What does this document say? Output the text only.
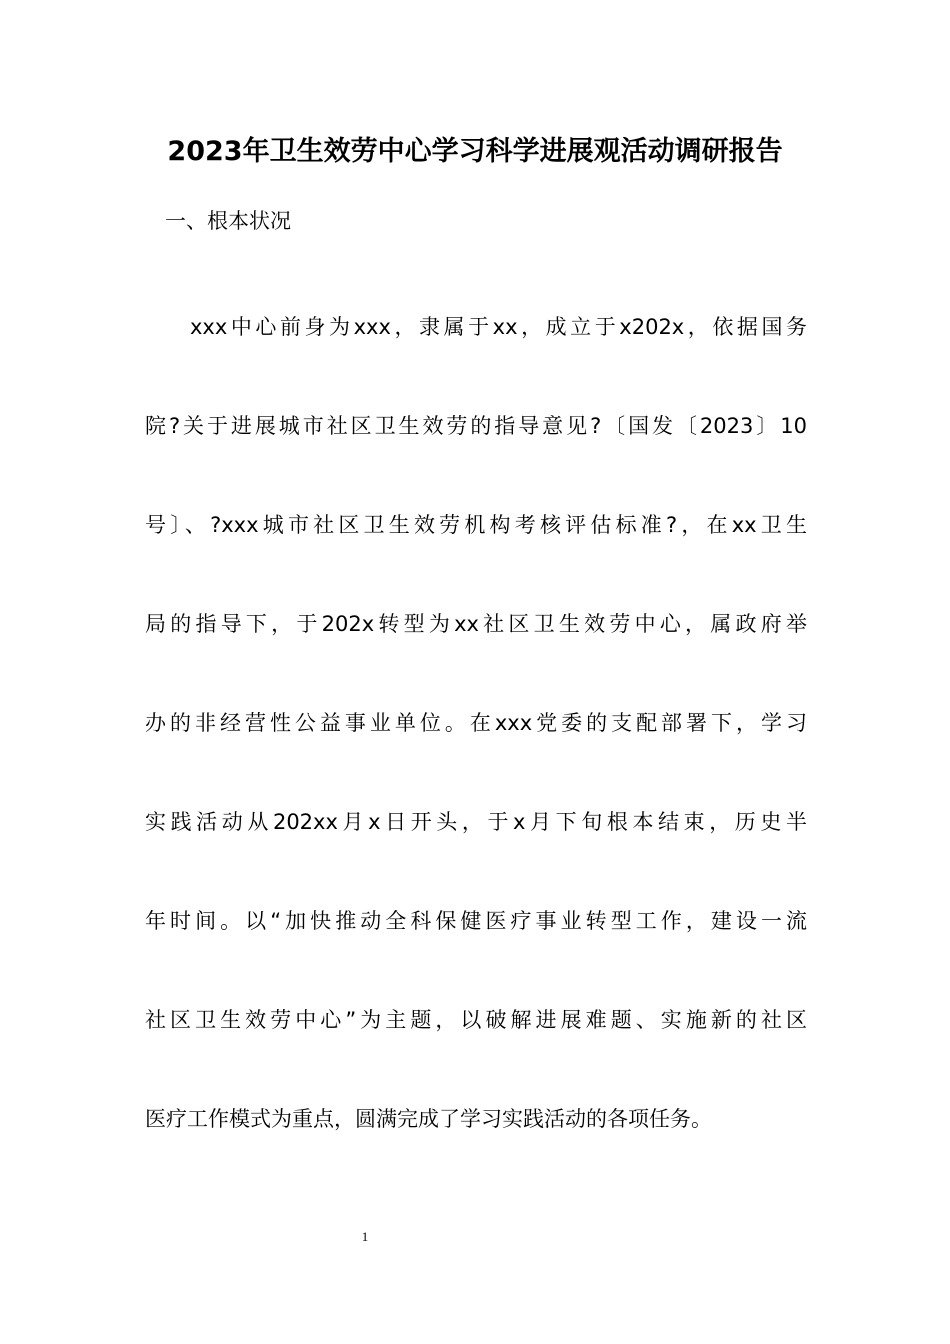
2023年卫生效劳中心学习科学进展观活动调研报告
一、根本状况
xxx中心前身为xxx，隶属于xx，成立于x202x，依据国务
院?关于进展城市社区卫生效劳的指导意见?〔国发〔2023〕10
号〕、?xxx城市社区卫生效劳机构考核评估标准?，在xx卫生
局的指导下，于202x转型为xx社区卫生效劳中心，属政府举
办的非经营性公益事业单位。在xxx党委的支配部署下，学习
实践活动从202xx月x日开头，于x月下旬根本结束，历史半
年时间。以“加快推动全科保健医疗事业转型工作，建设一流
社区卫生效劳中心”为主题，以破解进展难题、实施新的社区
医疗工作模式为重点，圆满完成了学习实践活动的各项任务。
1
